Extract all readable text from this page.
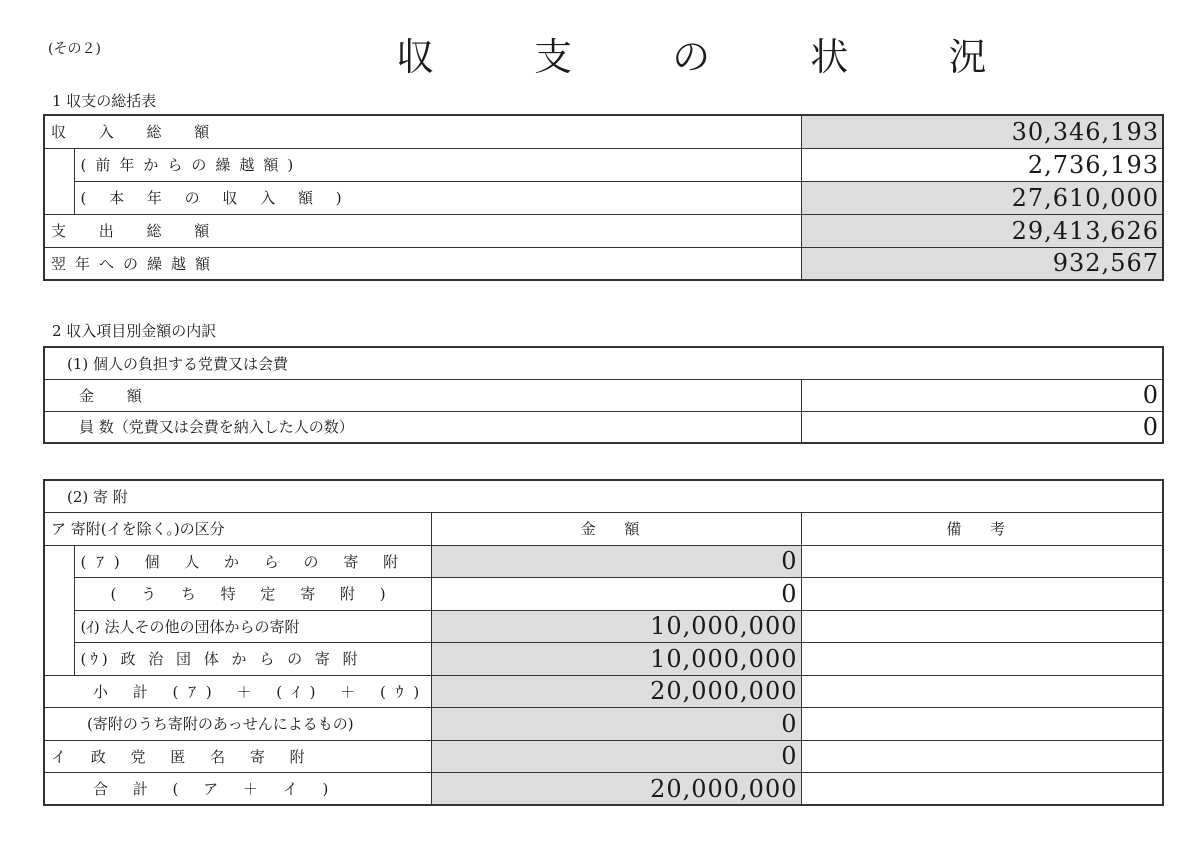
(その２)	収 支 の 状 況
1 収支の総括表
収 入 総 額		30,346,193
	(前年からの繰越額)	2,736,193
	( 本 年 の 収 入 額 )	27,610,000
支 出 総 額		29,413,626
翌年への繰越額		932,567
2 収入項目別金額の内訳
(1) 個人の負担する党費又は会費	
金 額	0
員 数（党費又は会費を納入した人の数）	0
(2) 寄 附			
ア 寄附(イを除く。)の区分		金 額	備 考
	(ｱ) 個 人 か ら の 寄 附	0	
	( う ち 特 定 寄 附 )	0	
	(ｲ) 法人その他の団体からの寄附	10,000,000	
	(ｳ) 政 治 団 体 か ら の 寄 附	10,000,000	
小 計 (ｱ) ＋ (ｲ) ＋ (ｳ)		20,000,000	
(寄附のうち寄附のあっせんによるもの)		0	
イ 政 党 匿 名 寄 附		0	
合 計 ( ア ＋ イ )		20,000,000	
